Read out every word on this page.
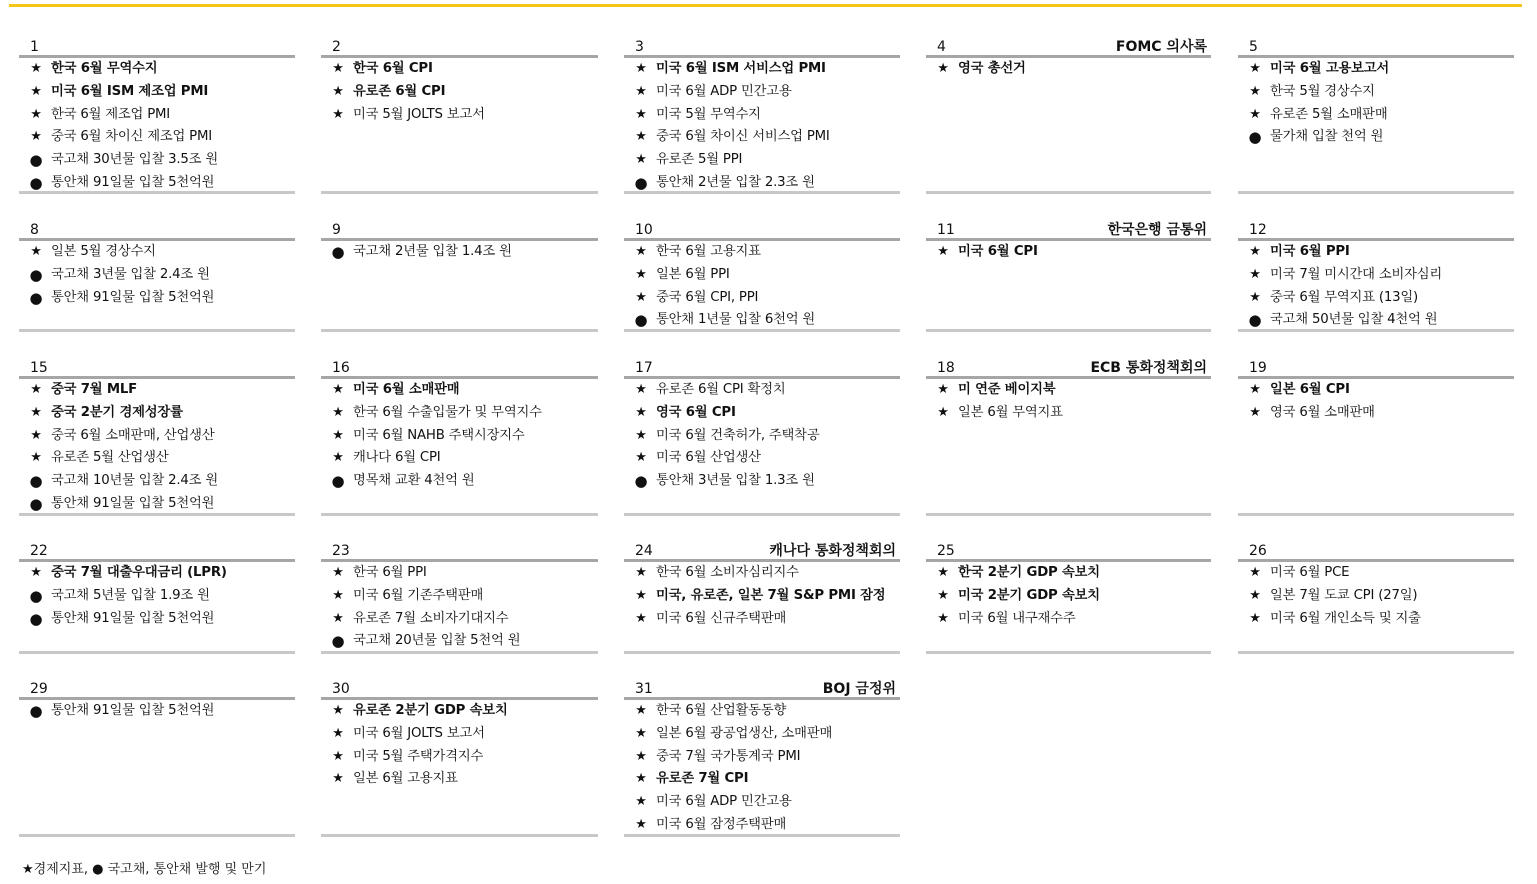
1
★ 한국 6월 무역수지
★ 미국 6월 ISM 제조업 PMI
★ 한국 6월 제조업 PMI
★ 중국 6월 차이신 제조업 PMI
● 국고채 30년물 입찰 3.5조 원
● 통안채 91일물 입찰 5천억원
2
★ 한국 6월 CPI
★ 유로존 6월 CPI
★ 미국 5월 JOLTS 보고서
3
★ 미국 6월 ISM 서비스업 PMI
★ 미국 6월 ADP 민간고용
★ 미국 5월 무역수지
★ 중국 6월 차이신 서비스업 PMI
★ 유로존 5월 PPI
● 통안채 2년물 입찰 2.3조 원
4	FOMC 의사록
★ 영국 총선거
5
★ 미국 6월 고용보고서
★ 한국 5월 경상수지
★ 유로존 5월 소매판매
● 물가채 입찰 천억 원
8
★ 일본 5월 경상수지
● 국고채 3년물 입찰 2.4조 원
● 통안채 91일물 입찰 5천억원
9
● 국고채 2년물 입찰 1.4조 원
10
★ 한국 6월 고용지표
★ 일본 6월 PPI
★ 중국 6월 CPI, PPI
● 통안채 1년물 입찰 6천억 원
11	한국은행 금통위
★ 미국 6월 CPI
12
★ 미국 6월 PPI
★ 미국 7월 미시간대 소비자심리
★ 중국 6월 무역지표 (13일)
● 국고채 50년물 입찰 4천억 원
15
★ 중국 7월 MLF
★ 중국 2분기 경제성장률
★ 중국 6월 소매판매, 산업생산
★ 유로존 5월 산업생산
● 국고채 10년물 입찰 2.4조 원
● 통안채 91일물 입찰 5천억원
16
★ 미국 6월 소매판매
★ 한국 6월 수출입물가 및 무역지수
★ 미국 6월 NAHB 주택시장지수
★ 캐나다 6월 CPI
● 명목채 교환 4천억 원
17
★ 유로존 6월 CPI 확정치
★ 영국 6월 CPI
★ 미국 6월 건축허가, 주택착공
★ 미국 6월 산업생산
● 통안채 3년물 입찰 1.3조 원
18	ECB 통화정책회의
★ 미 연준 베이지북
★ 일본 6월 무역지표
19
★ 일본 6월 CPI
★ 영국 6월 소매판매
22
★ 중국 7월 대출우대금리 (LPR)
● 국고채 5년물 입찰 1.9조 원
● 통안채 91일물 입찰 5천억원
23
★ 한국 6월 PPI
★ 미국 6월 기존주택판매
★ 유로존 7월 소비자기대지수
● 국고채 20년물 입찰 5천억 원
24	캐나다 통화정책회의
★ 한국 6월 소비자심리지수
★ 미국, 유로존, 일본 7월 S&P PMI 잠정
★ 미국 6월 신규주택판매
25
★ 한국 2분기 GDP 속보치
★ 미국 2분기 GDP 속보치
★ 미국 6월 내구재수주
26
★ 미국 6월 PCE
★ 일본 7월 도쿄 CPI (27일)
★ 미국 6월 개인소득 및 지출
29
● 통안채 91일물 입찰 5천억원
30
★ 유로존 2분기 GDP 속보치
★ 미국 6월 JOLTS 보고서
★ 미국 5월 주택가격지수
★ 일본 6월 고용지표
31	BOJ 금정위
★ 한국 6월 산업활동동향
★ 일본 6월 광공업생산, 소매판매
★ 중국 7월 국가통계국 PMI
★ 유로존 7월 CPI
★ 미국 6월 ADP 민간고용
★ 미국 6월 잠정주택판매
★경제지표, ● 국고채, 통안채 발행 및 만기
